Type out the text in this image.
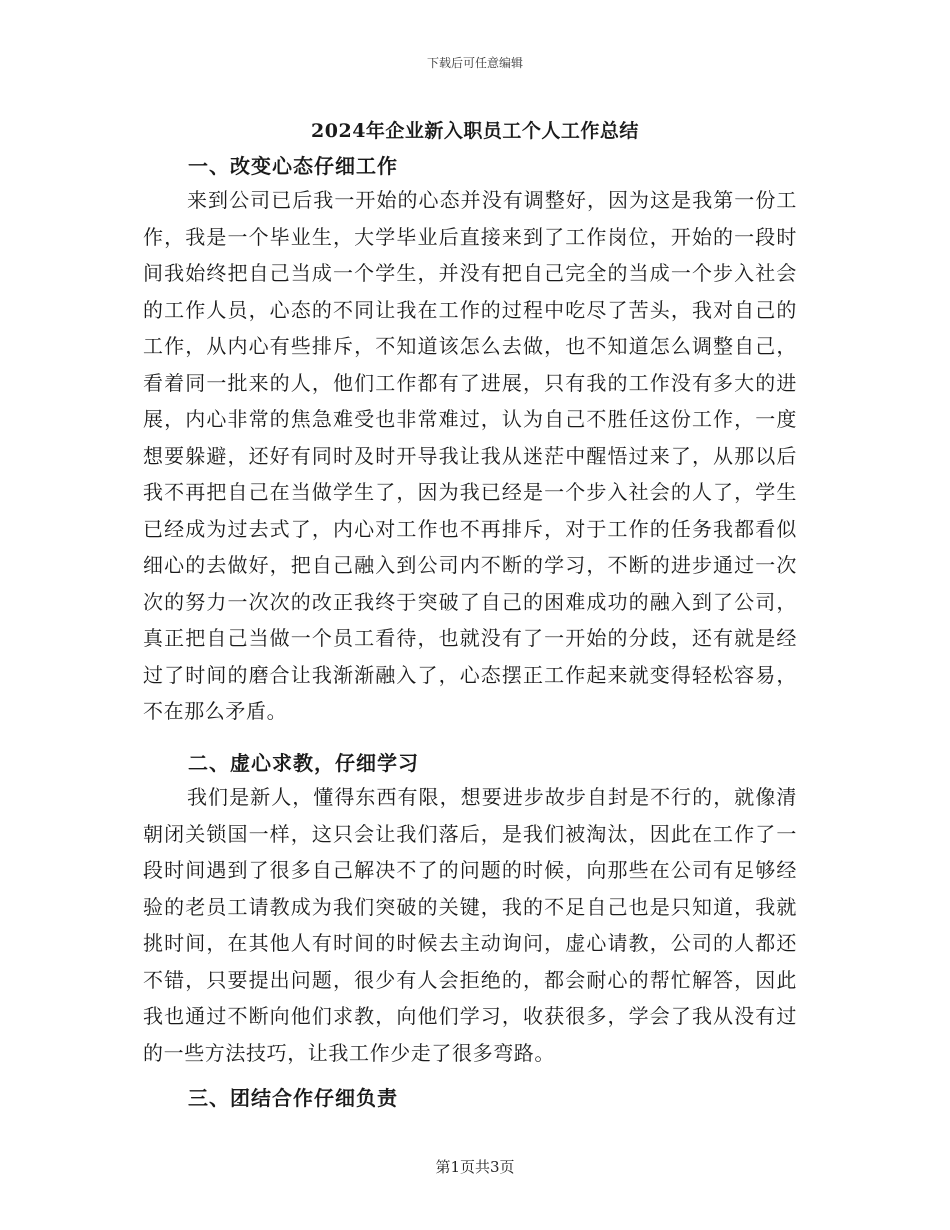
下载后可任意编辑
2024年企业新入职员工个人工作总结
一、改变心态仔细工作
来到公司已后我一开始的心态并没有调整好，因为这是我第一份工作，我是一个毕业生，大学毕业后直接来到了工作岗位，开始的一段时间我始终把自己当成一个学生，并没有把自己完全的当成一个步入社会的工作人员，心态的不同让我在工作的过程中吃尽了苦头，我对自己的工作，从内心有些排斥，不知道该怎么去做，也不知道怎么调整自己，看着同一批来的人，他们工作都有了进展，只有我的工作没有多大的进展，内心非常的焦急难受也非常难过，认为自己不胜任这份工作，一度想要躲避，还好有同时及时开导我让我从迷茫中醒悟过来了，从那以后我不再把自己在当做学生了，因为我已经是一个步入社会的人了，学生已经成为过去式了，内心对工作也不再排斥，对于工作的任务我都看似细心的去做好，把自己融入到公司内不断的学习，不断的进步通过一次次的努力一次次的改正我终于突破了自己的困难成功的融入到了公司，真正把自己当做一个员工看待，也就没有了一开始的分歧，还有就是经过了时间的磨合让我渐渐融入了，心态摆正工作起来就变得轻松容易，不在那么矛盾。
二、虚心求教，仔细学习
我们是新人，懂得东西有限，想要进步故步自封是不行的，就像清朝闭关锁国一样，这只会让我们落后，是我们被淘汰，因此在工作了一段时间遇到了很多自己解决不了的问题的时候，向那些在公司有足够经验的老员工请教成为我们突破的关键，我的不足自己也是只知道，我就挑时间，在其他人有时间的时候去主动询问，虚心请教，公司的人都还不错，只要提出问题，很少有人会拒绝的，都会耐心的帮忙解答，因此我也通过不断向他们求教，向他们学习，收获很多，学会了我从没有过的一些方法技巧，让我工作少走了很多弯路。
三、团结合作仔细负责
第1页共3页
